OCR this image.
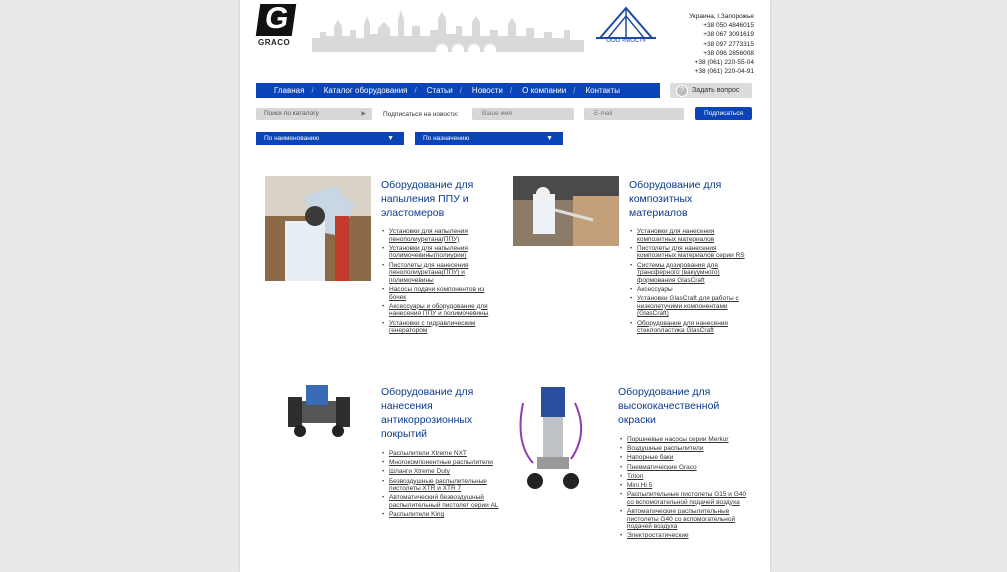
G
GRACO	ООО «МОСТ»
Украина, г.Запорожье
+38 050 4846015
+38 067 3091619
+38 097 2773315
+38 096 2856008
+38 (061) 220-55-04
+38 (061) 220-04-91
Главная / Каталог оборудования / Статьи / Новости / О компании / Контакты	?	Задать вопрос
Поиск по каталогу	▶	Подписаться на новости:	Ваше имя	E-mail	Подписаться
По наименованию	▼	По назначению	▼
Оборудование для напыления ППУ и эластомеров
• Установки для напыления пенополиуретана(ППУ)
• Установки для напыления полимочевины(полиурии)
• Пистолеты для нанесения пенополиуретана(ППУ) и полимочевины
• Насосы подачи компонентов из бочек
• Аксессуары и оборудование для нанесения ППУ и полимочевины
• Установки с гидравлическим генератором
Оборудование для композитных материалов
• Установки для нанесения композитных материалов
• Пистолеты для нанесения композитных материалов серии RS
• Системы дозирования для трансферного (вакуумного) формования GlasCraft
• Аксессуары
• Установки GlasCraft для работы с низколетучими компонентами (GlasCraft)
• Оборудование для нанесения стеклопластика GlasCraft
Оборудование для нанесения антикоррозионных покрытий
• Распылители Xtreme NXT
• Многокомпонентные распылители
• Шланги Xtreme Duty
• Безвоздушные распылительные пистолеты XTR и XTR 7
• Автоматический безвоздушный распылительный пистолет серии AL
• Распылители King
Оборудование для высококачественной окраски
• Поршневые насосы серии Merkur
• Воздушные распылители
• Напорные баки
• Пневматические Grаco
• Triton
• Mini Hi 5
• Распылительные пистолеты G15 и G40 со вспомогательной подачей воздуха
• Автоматические распылительные пистолеты G40 со вспомогательной подачей воздуха
• Электростатические
